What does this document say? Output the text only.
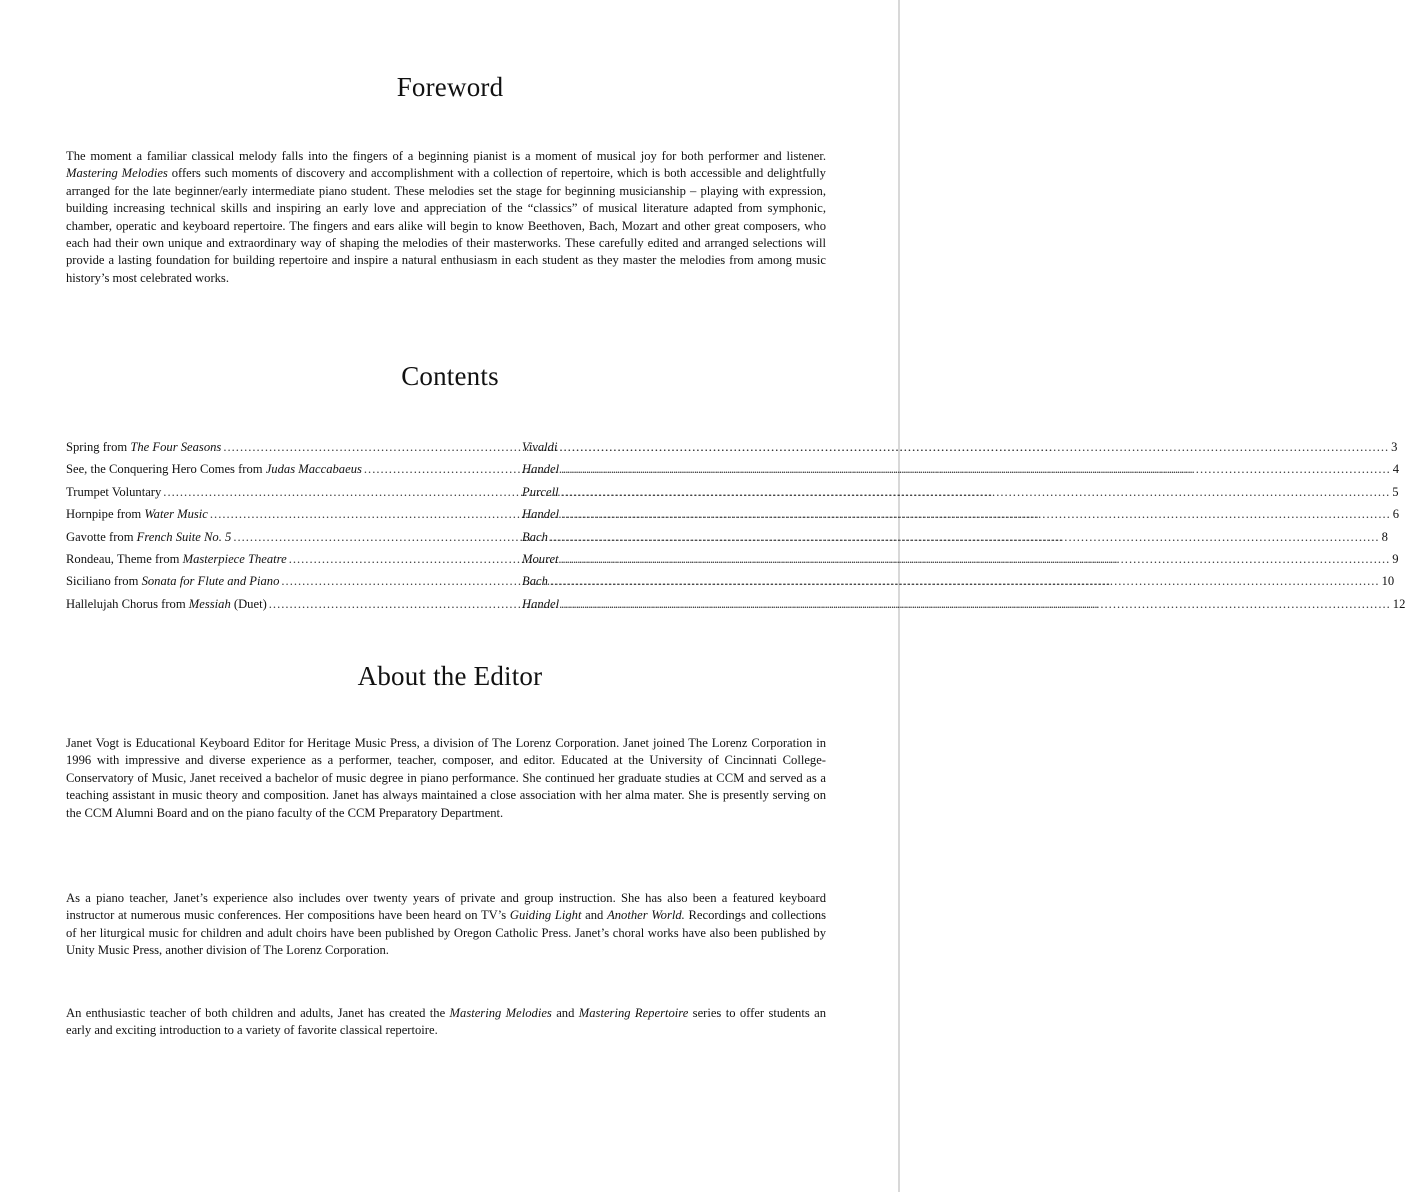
Foreword

The moment a familiar classical melody falls into the fingers of a beginning pianist is a moment of musical joy for both performer and listener. Mastering Melodies offers such moments of discovery and accomplishment with a collection of repertoire, which is both accessible and delightfully arranged for the late beginner/early intermediate piano student. These melodies set the stage for beginning musicianship – playing with expression, building increasing technical skills and inspiring an early love and appreciation of the “classics” of musical literature adapted from symphonic, chamber, operatic and keyboard repertoire. The fingers and ears alike will begin to know Beethoven, Bach, Mozart and other great composers, who each had their own unique and extraordinary way of shaping the melodies of their masterworks. These carefully edited and arranged selections will provide a lasting foundation for building repertoire and inspire a natural enthusiasm in each student as they master the melodies from among music history’s most celebrated works.

Contents
Spring from The Four Seasons .....	Vivaldi .....	3
See, the Conquering Hero Comes from Judas Maccabaeus .....	Handel .....	4
Trumpet Voluntary .....	Purcell .....	5
Hornpipe from Water Music .....	Handel .....	6
Gavotte from French Suite No. 5 .....	Bach .....	8
Rondeau, Theme from Masterpiece Theatre .....	Mouret .....	9
Siciliano from Sonata for Flute and Piano .....	Bach .....	10
Hallelujah Chorus from Messiah (Duet) .....	Handel .....	12
About the Editor

Janet Vogt is Educational Keyboard Editor for Heritage Music Press, a division of The Lorenz Corporation. Janet joined The Lorenz Corporation in 1996 with impressive and diverse experience as a performer, teacher, composer, and editor. Educated at the University of Cincinnati College-Conservatory of Music, Janet received a bachelor of music degree in piano performance. She continued her graduate studies at CCM and served as a teaching assistant in music theory and composition. Janet has always maintained a close association with her alma mater. She is presently serving on the CCM Alumni Board and on the piano faculty of the CCM Preparatory Department.

As a piano teacher, Janet’s experience also includes over twenty years of private and group instruction. She has also been a featured keyboard instructor at numerous music conferences. Her compositions have been heard on TV’s Guiding Light and Another World. Recordings and collections of her liturgical music for children and adult choirs have been published by Oregon Catholic Press. Janet’s choral works have also been published by Unity Music Press, another division of The Lorenz Corporation.

An enthusiastic teacher of both children and adults, Janet has created the Mastering Melodies and Mastering Repertoire series to offer students an early and exciting introduction to a variety of favorite classical repertoire.
